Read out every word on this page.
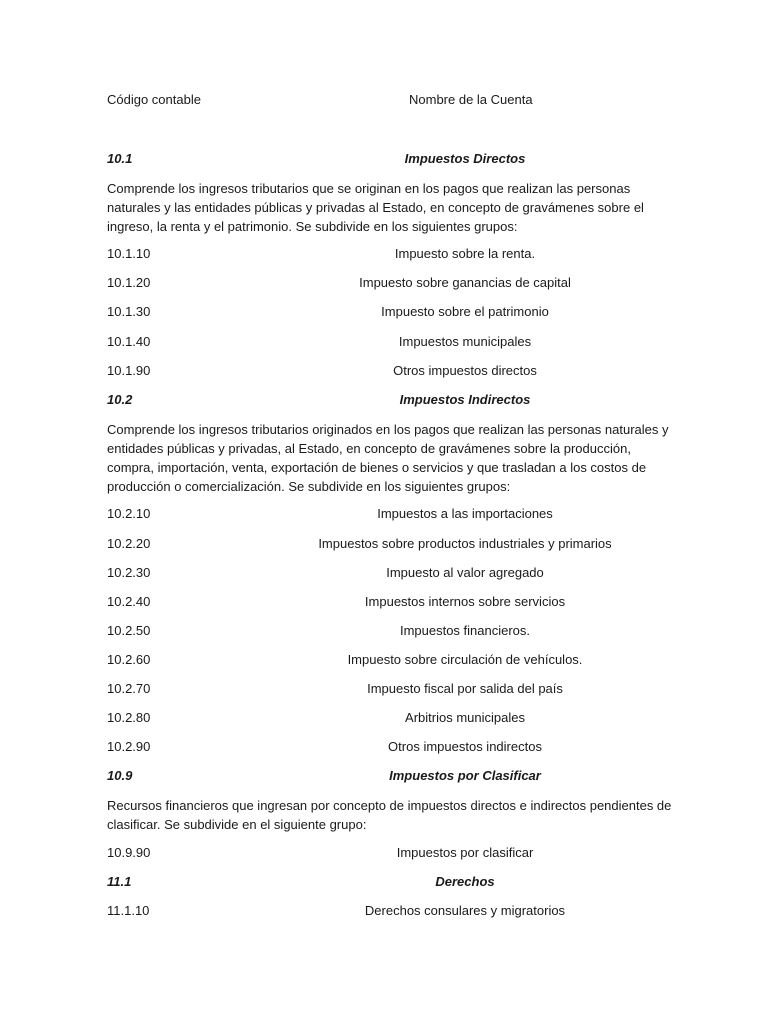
Código contable	Nombre de la Cuenta
10.1	Impuestos Directos
Comprende los ingresos tributarios que se originan en los pagos que realizan las personas naturales y las entidades públicas y privadas al Estado, en concepto de gravámenes sobre el ingreso, la renta y el patrimonio. Se subdivide en los siguientes grupos:
10.1.10	Impuesto sobre la renta.
10.1.20	Impuesto sobre ganancias de capital
10.1.30	Impuesto sobre el patrimonio
10.1.40	Impuestos municipales
10.1.90	Otros impuestos directos
10.2	Impuestos Indirectos
Comprende los ingresos tributarios originados en los pagos que realizan las personas naturales y entidades públicas y privadas, al Estado, en concepto de gravámenes sobre la producción, compra, importación, venta, exportación de bienes o servicios y que trasladan a los costos de producción o comercialización. Se subdivide en los siguientes grupos:
10.2.10	Impuestos a las importaciones
10.2.20	Impuestos sobre productos industriales y primarios
10.2.30	Impuesto al valor agregado
10.2.40	Impuestos internos sobre servicios
10.2.50	Impuestos financieros.
10.2.60	Impuesto sobre circulación de vehículos.
10.2.70	Impuesto fiscal por salida del país
10.2.80	Arbitrios municipales
10.2.90	Otros impuestos indirectos
10.9	Impuestos por Clasificar
Recursos financieros que ingresan por concepto de impuestos directos e indirectos pendientes de clasificar. Se subdivide en el siguiente grupo:
10.9.90	Impuestos por clasificar
11.1	Derechos
11.1.10	Derechos consulares y migratorios
